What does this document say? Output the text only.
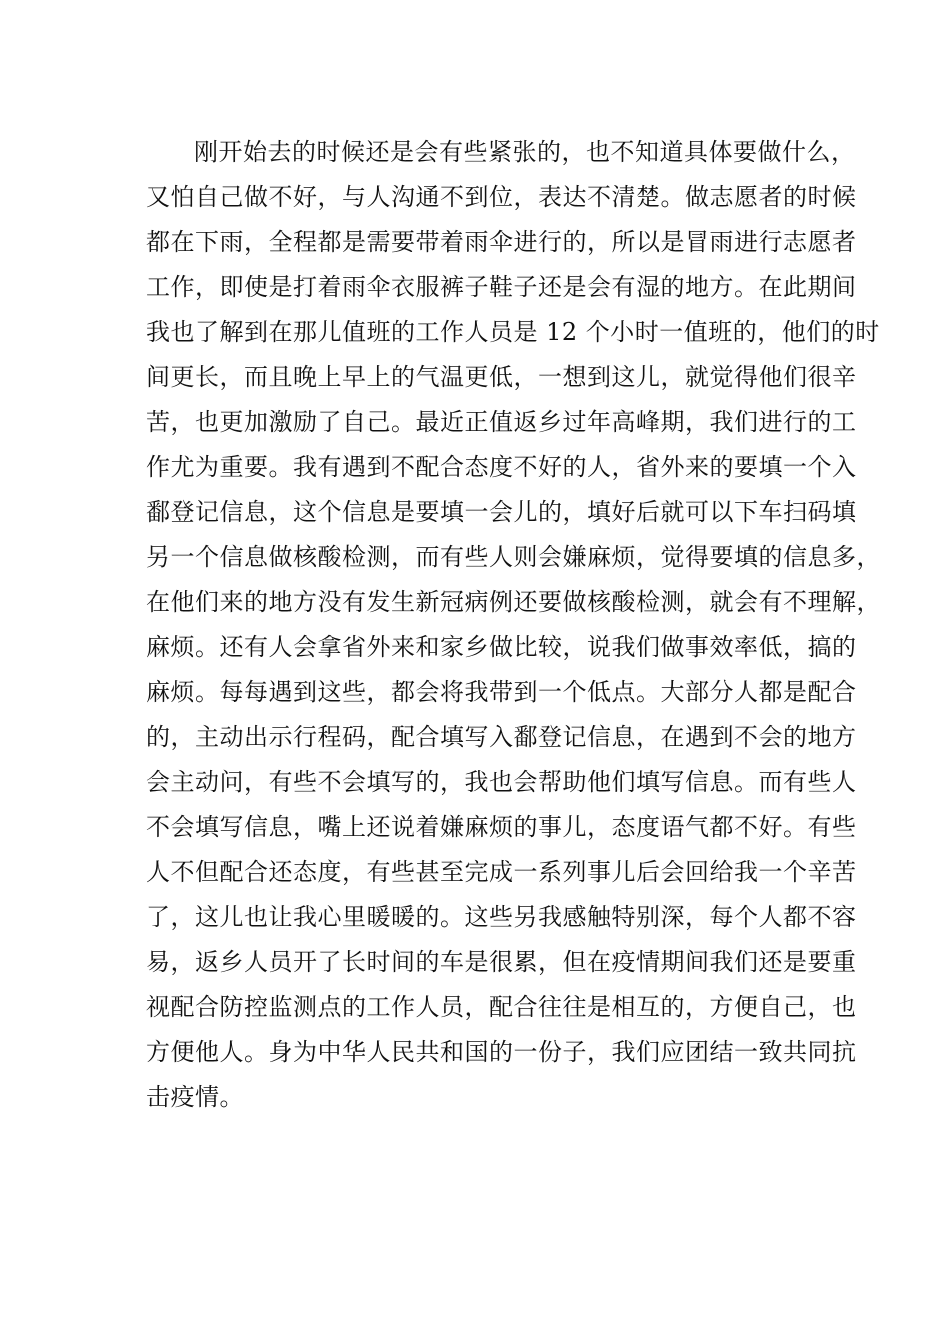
刚开始去的时候还是会有些紧张的，也不知道具体要做什么，
又怕自己做不好，与人沟通不到位，表达不清楚。做志愿者的时候
都在下雨，全程都是需要带着雨伞进行的，所以是冒雨进行志愿者
工作，即使是打着雨伞衣服裤子鞋子还是会有湿的地方。在此期间
我也了解到在那儿值班的工作人员是 12 个小时一值班的，他们的时
间更长，而且晚上早上的气温更低，一想到这儿，就觉得他们很辛
苦，也更加激励了自己。最近正值返乡过年高峰期，我们进行的工
作尤为重要。我有遇到不配合态度不好的人，省外来的要填一个入
鄱登记信息，这个信息是要填一会儿的，填好后就可以下车扫码填
另一个信息做核酸检测，而有些人则会嫌麻烦，觉得要填的信息多，
在他们来的地方没有发生新冠病例还要做核酸检测，就会有不理解，
麻烦。还有人会拿省外来和家乡做比较，说我们做事效率低，搞的
麻烦。每每遇到这些，都会将我带到一个低点。大部分人都是配合
的，主动出示行程码，配合填写入鄱登记信息，在遇到不会的地方
会主动问，有些不会填写的，我也会帮助他们填写信息。而有些人
不会填写信息，嘴上还说着嫌麻烦的事儿，态度语气都不好。有些
人不但配合还态度，有些甚至完成一系列事儿后会回给我一个辛苦
了，这儿也让我心里暖暖的。这些另我感触特别深，每个人都不容
易，返乡人员开了长时间的车是很累，但在疫情期间我们还是要重
视配合防控监测点的工作人员，配合往往是相互的，方便自己，也
方便他人。身为中华人民共和国的一份子，我们应团结一致共同抗
击疫情。
